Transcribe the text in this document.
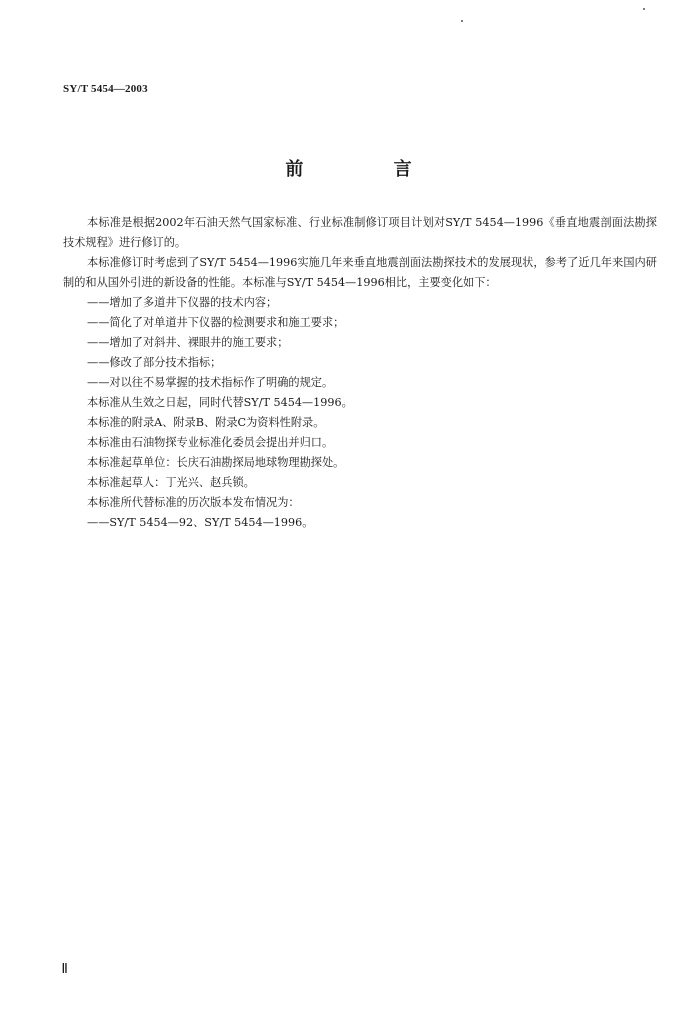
SY/T 5454—2003
前 言

本标准是根据2002年石油天然气国家标准、行业标准制修订项目计划对SY/T 5454—1996《垂直地震剖面法勘探技术规程》进行修订的。

本标准修订时考虑到了SY/T 5454—1996实施几年来垂直地震剖面法勘探技术的发展现状，参考了近几年来国内研制的和从国外引进的新设备的性能。本标准与SY/T 5454—1996相比，主要变化如下：

——增加了多道井下仪器的技术内容；

——简化了对单道井下仪器的检测要求和施工要求；

——增加了对斜井、裸眼井的施工要求；

——修改了部分技术指标；

——对以往不易掌握的技术指标作了明确的规定。

本标准从生效之日起，同时代替SY/T 5454—1996。

本标准的附录A、附录B、附录C为资料性附录。

本标准由石油物探专业标准化委员会提出并归口。

本标准起草单位：长庆石油勘探局地球物理勘探处。

本标准起草人：丁光兴、赵兵锁。

本标准所代替标准的历次版本发布情况为：

——SY/T 5454—92、SY/T 5454—1996。

II
